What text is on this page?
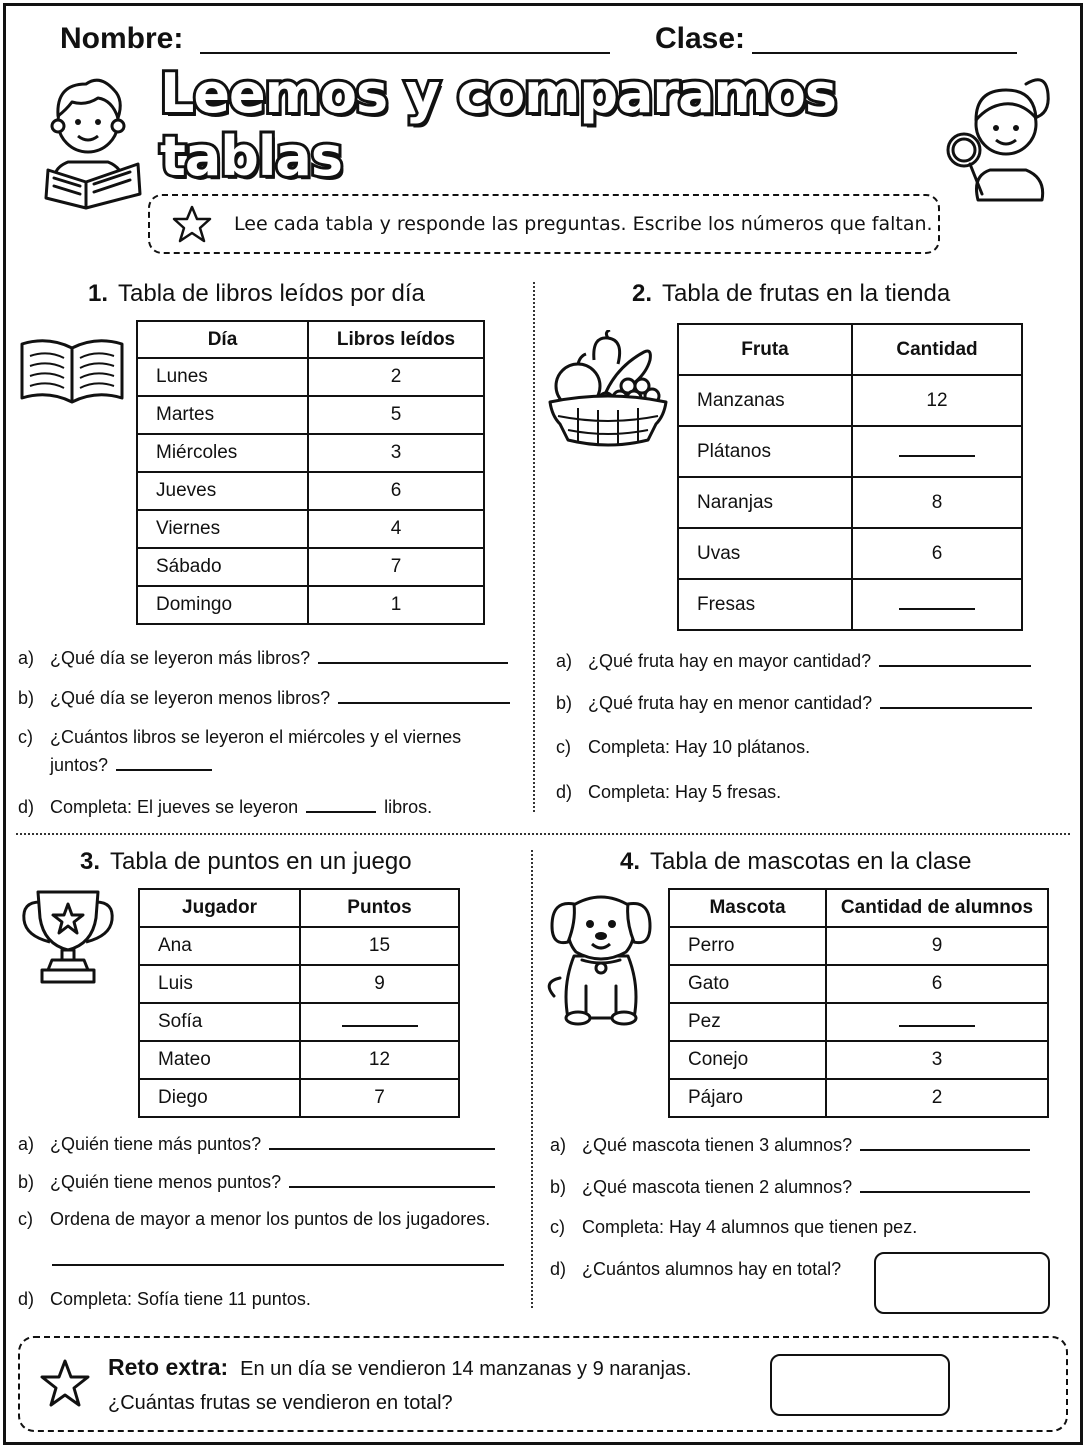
Nombre:	Clase:
Leemos y comparamos tablas
Lee cada tabla y responde las preguntas. Escribe los números que faltan.
1. Tabla de libros leídos por día
Día	Libros leídos
Lunes	2
Martes	5
Miércoles	3
Jueves	6
Viernes	4
Sábado	7
Domingo	1
a) ¿Qué día se leyeron más libros?
b) ¿Qué día se leyeron menos libros?
c) ¿Cuántos libros se leyeron el miércoles y el viernes
juntos?
d) Completa: El jueves se leyeron	libros.
2. Tabla de frutas en la tienda
Fruta	Cantidad
Manzanas	12
Plátanos	
Naranjas	8
Uvas	6
Fresas	
a) ¿Qué fruta hay en mayor cantidad?
b) ¿Qué fruta hay en menor cantidad?
c) Completa: Hay 10 plátanos.
d) Completa: Hay 5 fresas.
3. Tabla de puntos en un juego
Jugador	Puntos
Ana	15
Luis	9
Sofía	
Mateo	12
Diego	7
a) ¿Quién tiene más puntos?
b) ¿Quién tiene menos puntos?
c) Ordena de mayor a menor los puntos de los jugadores.
d) Completa: Sofía tiene 11 puntos.
4. Tabla de mascotas en la clase
Mascota	Cantidad de alumnos
Perro	9
Gato	6
Pez	
Conejo	3
Pájaro	2
a) ¿Qué mascota tienen 3 alumnos?
b) ¿Qué mascota tienen 2 alumnos?
c) Completa: Hay 4 alumnos que tienen pez.
d) ¿Cuántos alumnos hay en total?
Reto extra: En un día se vendieron 14 manzanas y 9 naranjas.
¿Cuántas frutas se vendieron en total?
